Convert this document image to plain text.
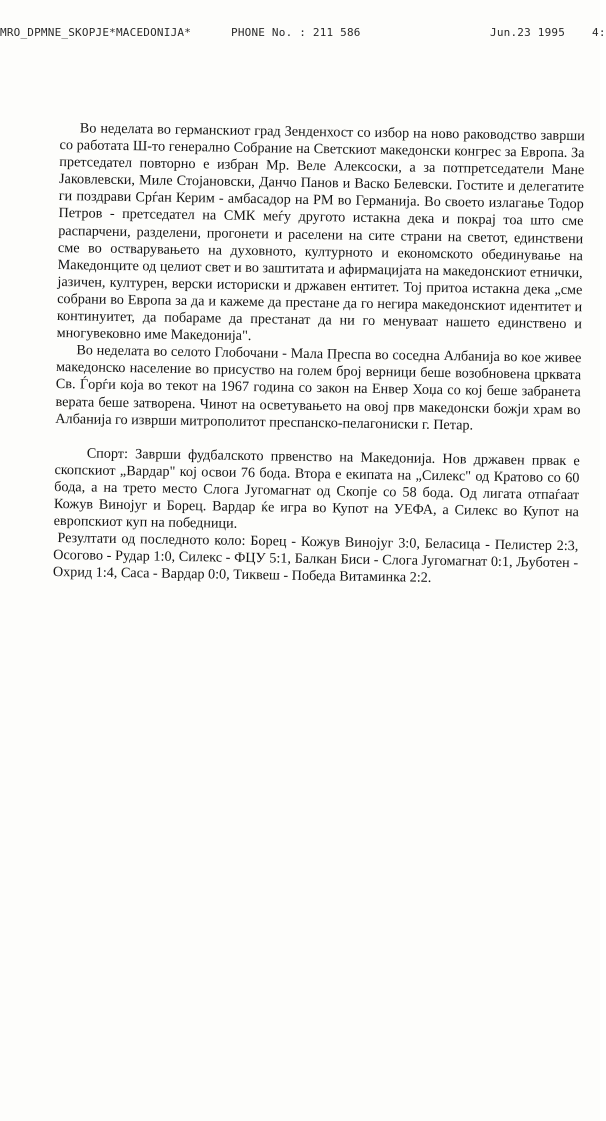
MRO_DPMNE_SKOPJE*MACEDONIJA*	PHONE No. : 211 586	Jun.23 1995 4:

Во неделата во германскиот град Зенденхост со избор на ново раководство заврши со работата Ш-то генерално Собрание на Светскиот македонски конгрес за Европа. За претседател повторно е избран Мр. Веле Алексоски, а за потпретседатели Мане Јаковлевски, Миле Стојановски, Данчо Панов и Васко Белевски. Гостите и делегатите ги поздрави Срѓан Керим - амбасадор на РМ во Германија. Во своето излагање Тодор Петров - претседател на СМК меѓу другото истакна дека и покрај тоа што сме распарчени, разделени, прогонети и раселени на сите страни на светот, единствени сме во остварувањето на духовното, културното и економското обединување на Македонците од целиот свет и во заштитата и афирмацијата на македонскиот етнички, јазичен, културен, верски историски и државен ентитет. Тој притоа истакна дека „сме собрани во Европа за да и кажеме да престане да го негира македонскиот идентитет и континуитет, да побараме да престанат да ни го менуваат нашето единствено и многувековно име Македонија".

Во неделата во селото Глобочани - Мала Преспа во соседна Албанија во кое живее македонско население во присуство на голем број верници беше возобновена црквата Св. Ѓорѓи која во текот на 1967 година со закон на Енвер Хоџа со кој беше забранета верата беше затворена. Чинот на осветувањето на овој прв македонски божји храм во Албанија го изврши митрополитот преспанско-пелагониски г. Петар.

Спорт: Заврши фудбалското првенство на Македонија. Нов државен првак е скопскиот „Вардар" кој освои 76 бода. Втора е екипата на „Силекс" од Кратово со 60 бода, а на трето место Слога Југомагнат од Скопје со 58 бода. Од лигата отпаѓаат Кожув Винојуг и Борец. Вардар ќе игра во Купот на УЕФА, а Силекс во Купот на европскиот куп на победници.

Резултати од последното коло: Борец - Кожув Винојуг 3:0, Беласица - Пелистер 2:3, Осогово - Рудар 1:0, Силекс - ФЦУ 5:1, Балкан Биси - Слога Југомагнат 0:1, Љуботен - Охрид 1:4, Саса - Вардар 0:0, Тиквеш - Победа Витаминка 2:2.
